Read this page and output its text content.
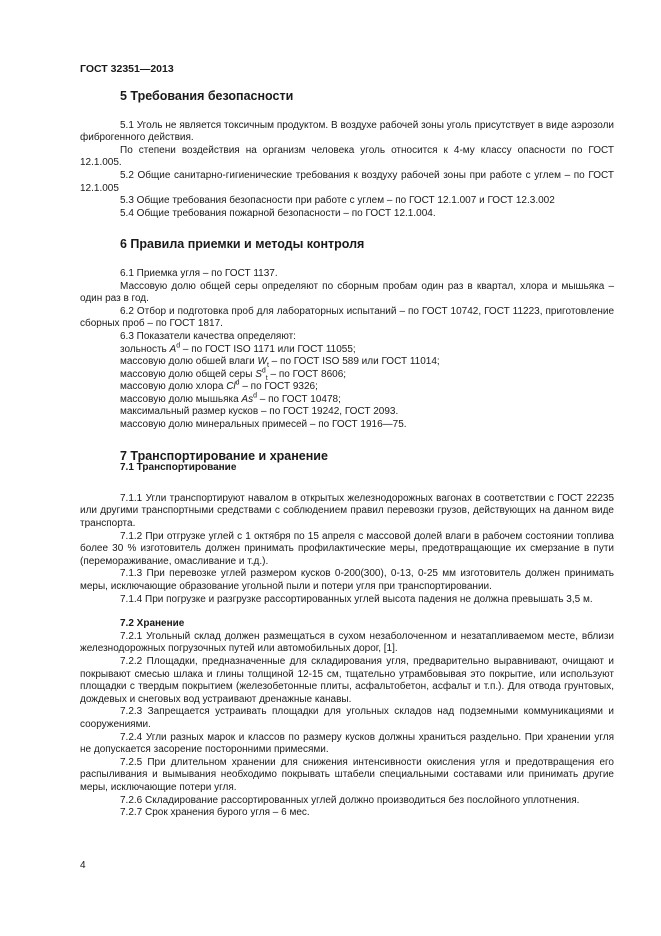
ГОСТ 32351—2013
5 Требования безопасности

5.1 Уголь не является токсичным продуктом. В воздухе рабочей зоны уголь присутствует в виде аэрозоли фиброгенного действия.

По степени воздействия на организм человека уголь относится к 4-му классу опасности по ГОСТ 12.1.005.

5.2 Общие санитарно-гигиенические требования к воздуху рабочей зоны при работе с углем – по ГОСТ 12.1.005

5.3 Общие требования безопасности при работе с углем – по ГОСТ 12.1.007 и ГОСТ 12.3.002

5.4 Общие требования пожарной безопасности – по ГОСТ 12.1.004.

6 Правила приемки и методы контроля

6.1 Приемка угля – по ГОСТ 1137.

Массовую долю общей серы определяют по сборным пробам один раз в квартал, хлора и мышьяка – один раз в год.

6.2 Отбор и подготовка проб для лабораторных испытаний – по ГОСТ 10742, ГОСТ 11223, приготовление сборных проб – по ГОСТ 1817.

6.3 Показатели качества определяют:

зольность $A^d$ – по ГОСТ ISO 1171 или ГОСТ 11055;

массовую долю обшей влаги $W_t$ – по ГОСТ ISO 589 или ГОСТ 11014;

массовую долю общей серы $S^d_t$ – по ГОСТ 8606;

массовую долю хлора Cl$^d$ – по ГОСТ 9326;

массовую долю мышьяка As$^d$ – по ГОСТ 10478;

максимальный размер кусков – по ГОСТ 19242, ГОСТ 2093.

массовую долю минеральных примесей – по ГОСТ 1916—75.

7 Транспортирование и хранение
7.1 Транспортирование

7.1.1 Угли транспортируют навалом в открытых железнодорожных вагонах в соответствии с ГОСТ 22235 или другими транспортными средствами с соблюдением правил перевозки грузов, действующих на данном виде транспорта.

7.1.2 При отгрузке углей с 1 октября по 15 апреля с массовой долей влаги в рабочем состоянии топлива более 30 % изготовитель должен принимать профилактические меры, предотвращающие их смерзание в пути (перемораживание, омасливание и т.д.).

7.1.3 При перевозке углей размером кусков 0-200(300), 0-13, 0-25 мм изготовитель должен принимать меры, исключающие образование угольной пыли и потери угля при транспортировании.

7.1.4 При погрузке и разгрузке рассортированных углей высота падения не должна превышать 3,5 м.

7.2 Хранение

7.2.1 Угольный склад должен размещаться в сухом незаболоченном и незатапливаемом месте, вблизи железнодорожных погрузочных путей или автомобильных дорог, [1].

7.2.2 Площадки, предназначенные для складирования угля, предварительно выравнивают, очищают и покрывают смесью шлака и глины толщиной 12-15 см, тщательно утрамбовывая это покрытие, или используют площадки с твердым покрытием (железобетонные плиты, асфальтобетон, асфальт и т.п.). Для отвода грунтовых, дождевых и снеговых вод устраивают дренажные канавы.

7.2.3 Запрещается устраивать площадки для угольных складов над подземными коммуникациями и сооружениями.

7.2.4 Угли разных марок и классов по размеру кусков должны храниться раздельно. При хранении угля не допускается засорение посторонними примесями.

7.2.5 При длительном хранении для снижения интенсивности окисления угля и предотвращения его распыливания и вымывания необходимо покрывать штабели специальными составами или принимать другие меры, исключающие потери угля.

7.2.6 Складирование рассортированных углей должно производиться без послойного уплотнения.

7.2.7 Срок хранения бурого угля – 6 мес.

4
